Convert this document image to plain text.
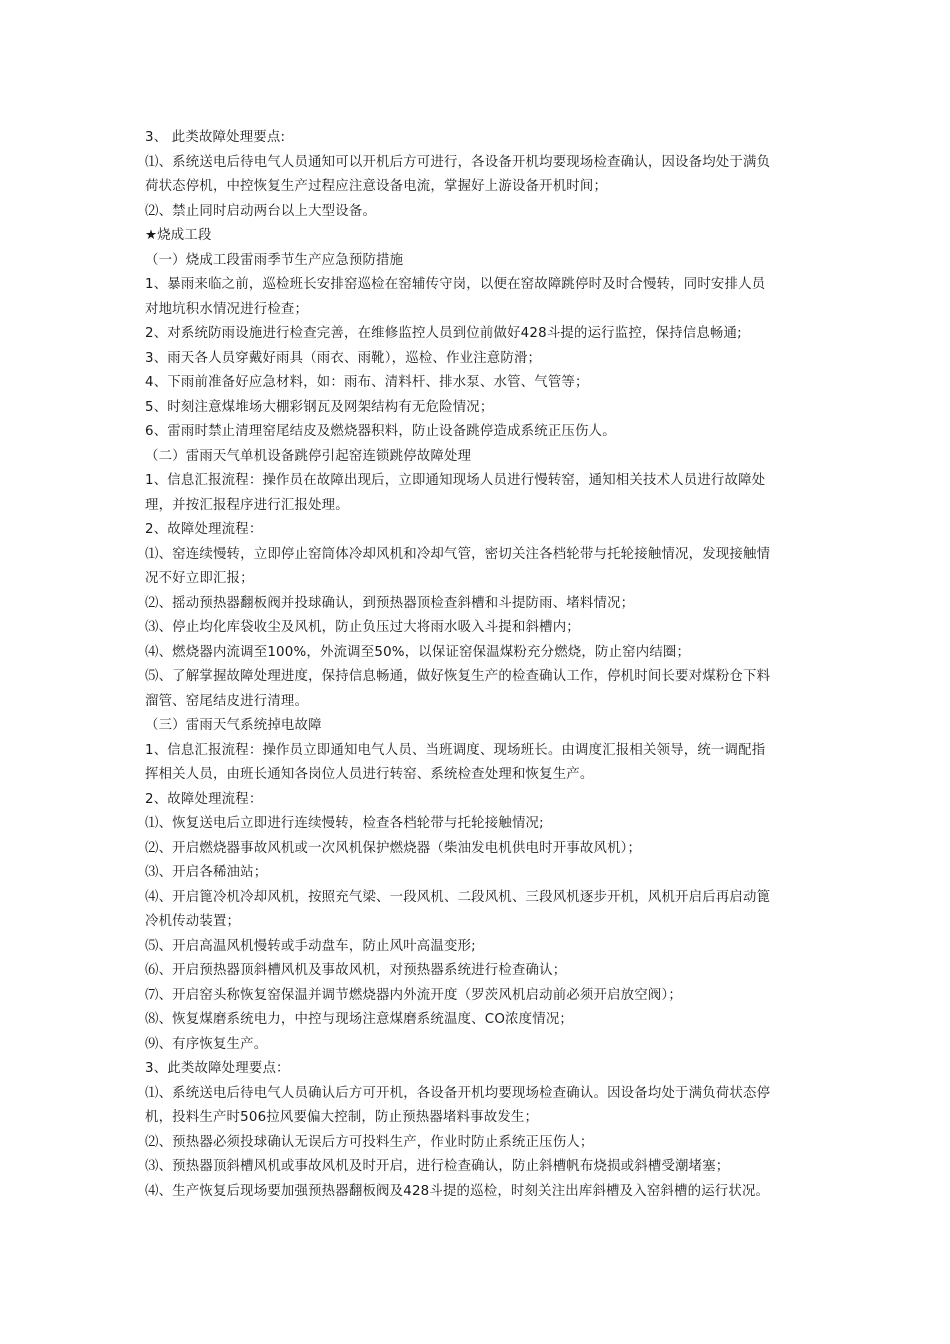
3、 此类故障处理要点:
⑴、系统送电后待电气人员通知可以开机后方可进行，各设备开机均要现场检查确认，因设备均处于满负
荷状态停机，中控恢复生产过程应注意设备电流，掌握好上游设备开机时间；
⑵、禁止同时启动两台以上大型设备。
★烧成工段
（一）烧成工段雷雨季节生产应急预防措施
1、暴雨来临之前，巡检班长安排窑巡检在窑辅传守岗，以便在窑故障跳停时及时合慢转，同时安排人员
对地坑积水情况进行检查；
2、对系统防雨设施进行检查完善，在维修监控人员到位前做好428斗提的运行监控，保持信息畅通;
3、雨天各人员穿戴好雨具（雨衣、雨靴），巡检、作业注意防滑；
4、下雨前准备好应急材料，如：雨布、清料杆、排水泵、水管、气管等；
5、时刻注意煤堆场大棚彩钢瓦及网架结构有无危险情况；
6、雷雨时禁止清理窑尾结皮及燃烧器积料，防止设备跳停造成系统正压伤人。
（二）雷雨天气单机设备跳停引起窑连锁跳停故障处理
1、信息汇报流程：操作员在故障出现后，立即通知现场人员进行慢转窑，通知相关技术人员进行故障处
理，并按汇报程序进行汇报处理。
2、故障处理流程：
⑴、窑连续慢转，立即停止窑筒体冷却风机和冷却气管，密切关注各档轮带与托轮接触情况，发现接触情
况不好立即汇报；
⑵、摇动预热器翻板阀并投球确认，到预热器顶检查斜槽和斗提防雨、堵料情况；
⑶、停止均化库袋收尘及风机，防止负压过大将雨水吸入斗提和斜槽内；
⑷、燃烧器内流调至100%，外流调至50%，以保证窑保温煤粉充分燃烧，防止窑内结圈；
⑸、了解掌握故障处理进度，保持信息畅通，做好恢复生产的检查确认工作，停机时间长要对煤粉仓下料
溜管、窑尾结皮进行清理。
（三）雷雨天气系统掉电故障
1、信息汇报流程：操作员立即通知电气人员、当班调度、现场班长。由调度汇报相关领导，统一调配指
挥相关人员，由班长通知各岗位人员进行转窑、系统检查处理和恢复生产。
2、故障处理流程：
⑴、恢复送电后立即进行连续慢转，检查各档轮带与托轮接触情况;
⑵、开启燃烧器事故风机或一次风机保护燃烧器（柴油发电机供电时开事故风机）；
⑶、开启各稀油站；
⑷、开启篦冷机冷却风机，按照充气梁、一段风机、二段风机、三段风机逐步开机，风机开启后再启动篦
冷机传动装置；
⑸、开启高温风机慢转或手动盘车，防止风叶高温变形;
⑹、开启预热器顶斜槽风机及事故风机，对预热器系统进行检查确认；
⑺、开启窑头称恢复窑保温并调节燃烧器内外流开度（罗茨风机启动前必须开启放空阀）；
⑻、恢复煤磨系统电力，中控与现场注意煤磨系统温度、CO浓度情况；
⑼、有序恢复生产。
3、此类故障处理要点：
⑴、系统送电后待电气人员确认后方可开机，各设备开机均要现场检查确认。因设备均处于满负荷状态停
机，投料生产时506拉风要偏大控制，防止预热器堵料事故发生；
⑵、预热器必须投球确认无误后方可投料生产，作业时防止系统正压伤人；
⑶、预热器顶斜槽风机或事故风机及时开启，进行检查确认，防止斜槽帆布烧损或斜槽受潮堵塞；
⑷、生产恢复后现场要加强预热器翻板阀及428斗提的巡检，时刻关注出库斜槽及入窑斜槽的运行状况。
